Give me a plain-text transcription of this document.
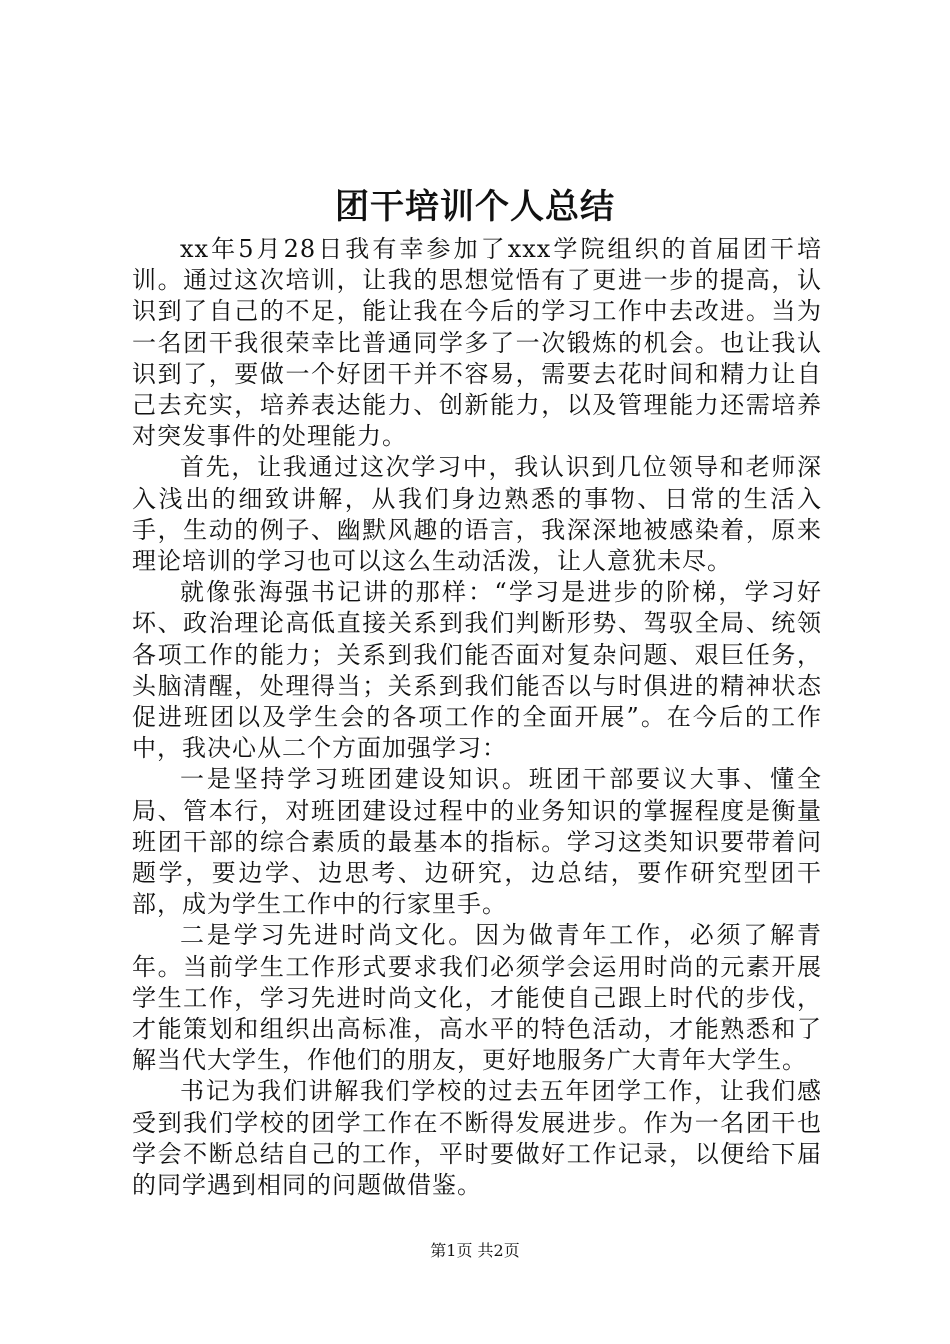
团干培训个人总结

xx年5月28日我有幸参加了xxx学院组织的首届团干培训。通过这次培训，让我的思想觉悟有了更进一步的提高，认识到了自己的不足，能让我在今后的学习工作中去改进。当为一名团干我很荣幸比普通同学多了一次锻炼的机会。也让我认识到了，要做一个好团干并不容易，需要去花时间和精力让自己去充实，培养表达能力、创新能力，以及管理能力还需培养对突发事件的处理能力。

首先，让我通过这次学习中，我认识到几位领导和老师深入浅出的细致讲解，从我们身边熟悉的事物、日常的生活入手，生动的例子、幽默风趣的语言，我深深地被感染着，原来理论培训的学习也可以这么生动活泼，让人意犹未尽。

就像张海强书记讲的那样：“学习是进步的阶梯，学习好坏、政治理论高低直接关系到我们判断形势、驾驭全局、统领各项工作的能力；关系到我们能否面对复杂问题、艰巨任务，头脑清醒，处理得当；关系到我们能否以与时俱进的精神状态促进班团以及学生会的各项工作的全面开展”。在今后的工作中，我决心从二个方面加强学习：

一是坚持学习班团建设知识。班团干部要议大事、懂全局、管本行，对班团建设过程中的业务知识的掌握程度是衡量班团干部的综合素质的最基本的指标。学习这类知识要带着问题学，要边学、边思考、边研究，边总结，要作研究型团干部，成为学生工作中的行家里手。

二是学习先进时尚文化。因为做青年工作，必须了解青年。当前学生工作形式要求我们必须学会运用时尚的元素开展学生工作，学习先进时尚文化，才能使自己跟上时代的步伐，才能策划和组织出高标准，高水平的特色活动，才能熟悉和了解当代大学生，作他们的朋友，更好地服务广大青年大学生。

书记为我们讲解我们学校的过去五年团学工作，让我们感受到我们学校的团学工作在不断得发展进步。作为一名团干也学会不断总结自己的工作，平时要做好工作记录，以便给下届的同学遇到相同的问题做借鉴。

第1页 共2页
